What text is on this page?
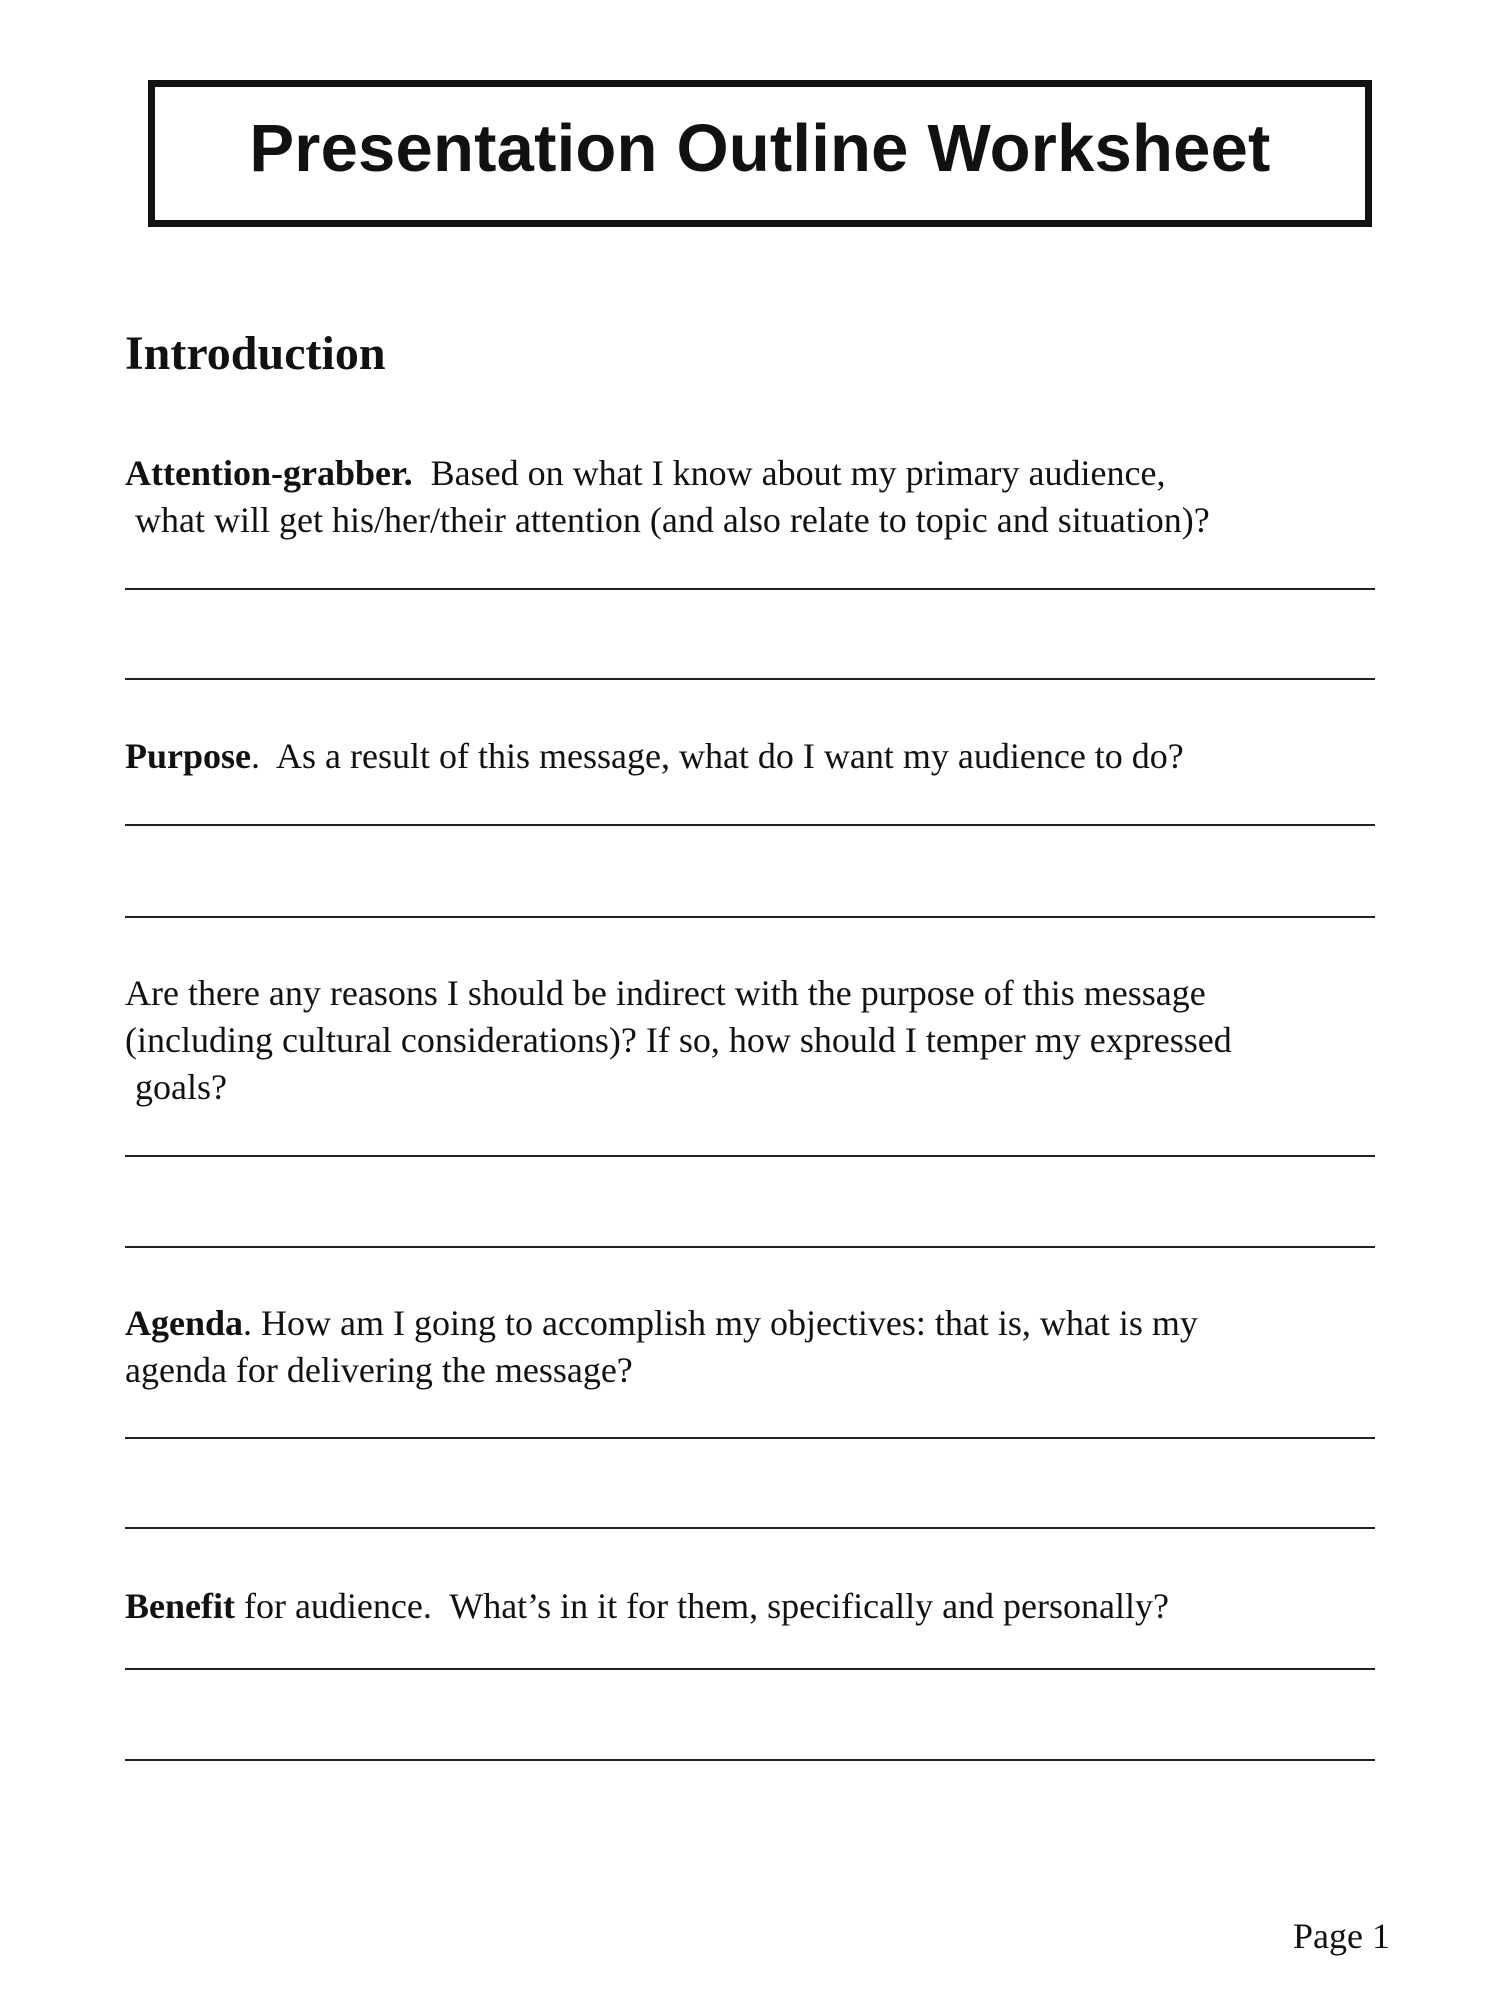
Presentation Outline Worksheet
Introduction
Attention-grabber.  Based on what I know about my primary audience,
what will get his/her/their attention (and also relate to topic and situation)?
Purpose.  As a result of this message, what do I want my audience to do?
Are there any reasons I should be indirect with the purpose of this message
(including cultural considerations)? If so, how should I temper my expressed
goals?
Agenda. How am I going to accomplish my objectives: that is, what is my
agenda for delivering the message?
Benefit for audience.  What’s in it for them, specifically and personally?
Page 1
